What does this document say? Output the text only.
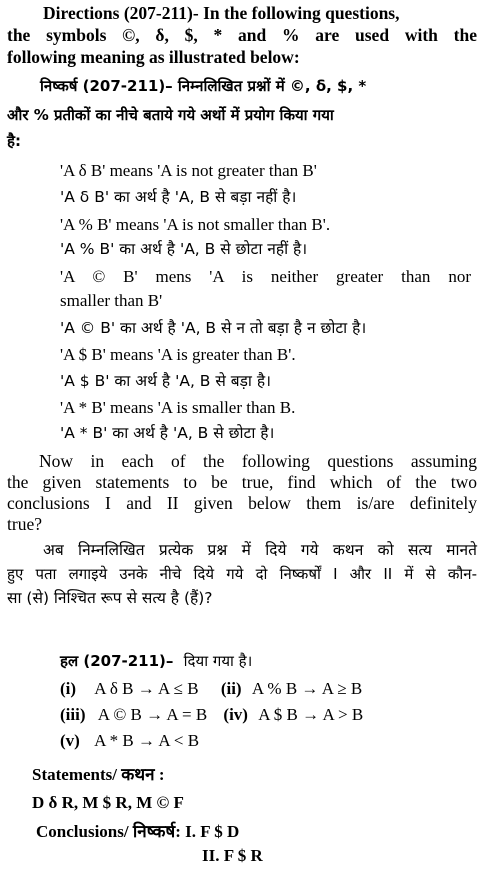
Directions (207-211)- In the following questions,
the symbols ©, δ, $, * and % are used with the
following meaning as illustrated below:
निष्कर्ष (207-211)– निम्नलिखित प्रश्नों में ©, δ, $, *
और % प्रतीकों का नीचे बताये गये अर्थो में प्रयोग किया गया
है:

'A δ B' means 'A is not greater than B'

'A δ B' का अर्थ है 'A, B से बड़ा नहीं है।

'A % B' means 'A is not smaller than B'.

'A % B' का अर्थ है 'A, B से छोटा नहीं है।

'A © B' mens 'A is neither greater than nor

smaller than B'

'A © B' का अर्थ है 'A, B से न तो बड़ा है न छोटा है।

'A $ B' means 'A is greater than B'.

'A $ B' का अर्थ है 'A, B से बड़ा है।

'A * B' means 'A is smaller than B.

'A * B' का अर्थ है 'A, B से छोटा है।

Now in each of the following questions assuming
the given statements to be true, find which of the two
conclusions I and II given below them is/are definitely
true?
अब निम्नलिखित प्रत्येक प्रश्न में दिये गये कथन को सत्य मानते
हुए पता लगाइये उनके नीचे दिये गये दो निष्कर्षों I और II में से कौन-
सा (से) निश्चित रूप से सत्य है (हैं)?
हल (207-211)– दिया गया है।
(i) A δ B → A ≤ B (ii) A % B → A ≥ B
(iii) A © B → A = B (iv) A $ B → A > B
(v) A * B → A < B
Statements/ कथन :
D δ R, M $ R, M © F
Conclusions/ निष्कर्ष: I. F $ D
II. F $ R
